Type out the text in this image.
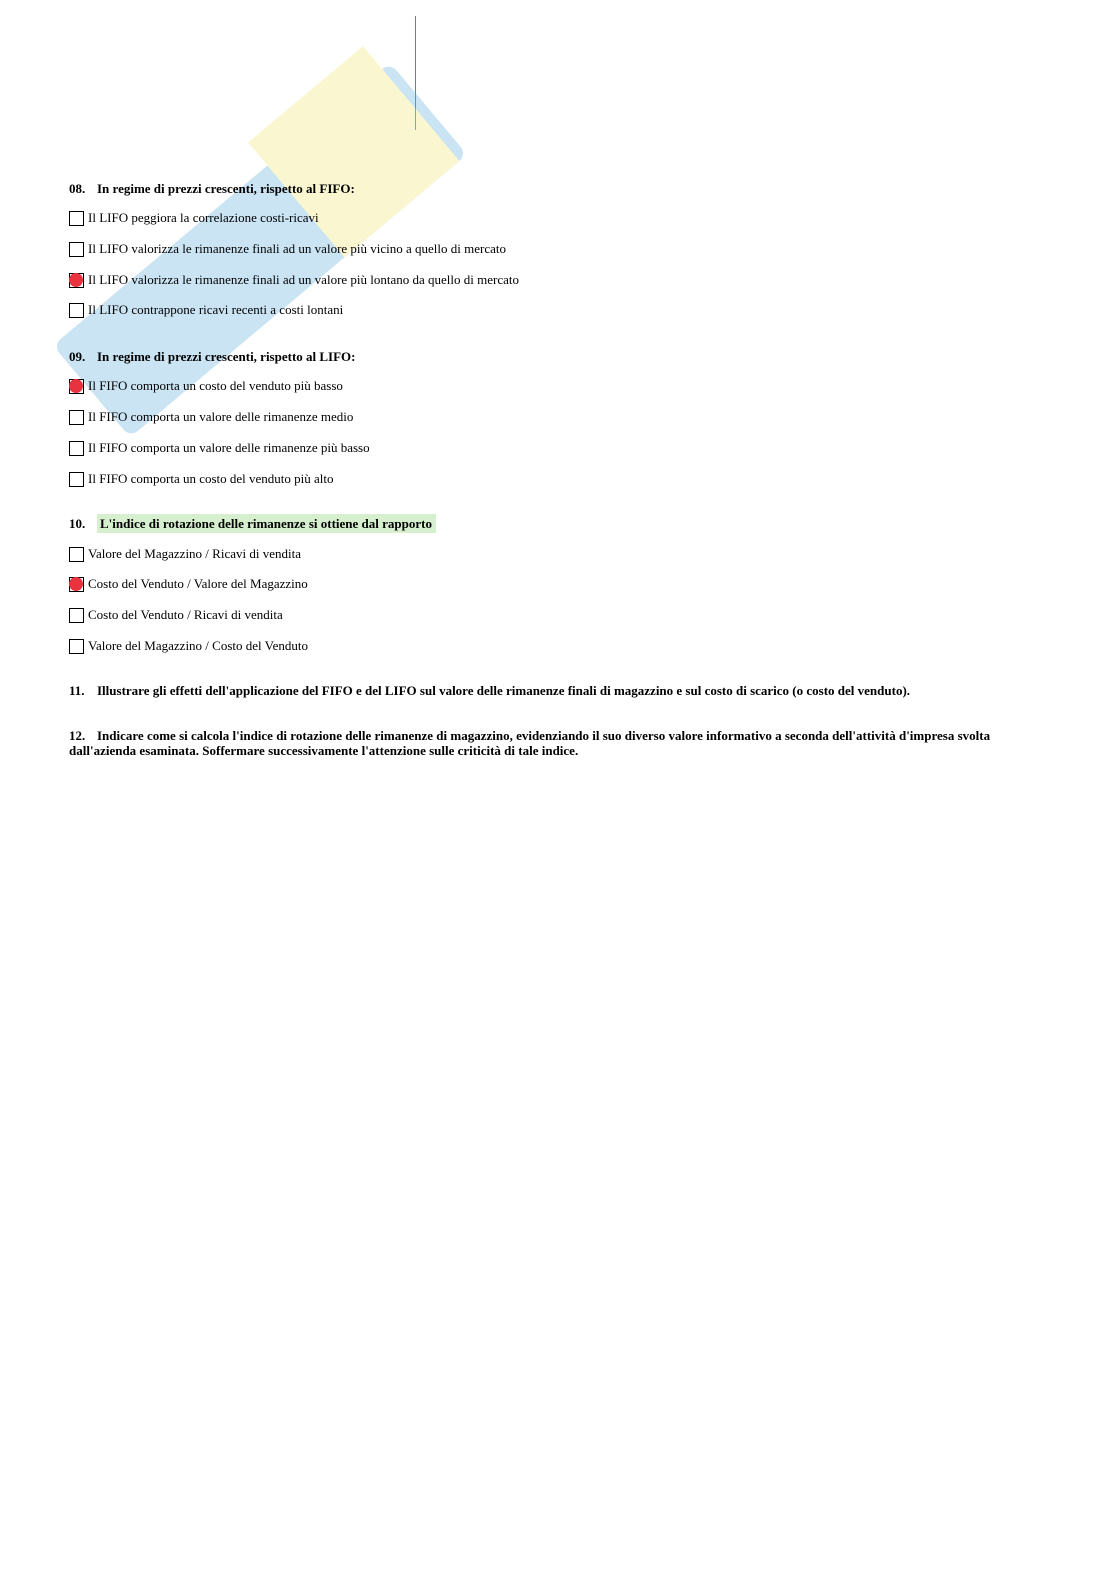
08. In regime di prezzi crescenti, rispetto al FIFO:
Il LIFO peggiora la correlazione costi-ricavi
Il LIFO valorizza le rimanenze finali ad un valore più vicino a quello di mercato
Il LIFO valorizza le rimanenze finali ad un valore più lontano da quello di mercato
Il LIFO contrappone ricavi recenti a costi lontani
09. In regime di prezzi crescenti, rispetto al LIFO:
Il FIFO comporta un costo del venduto più basso
Il FIFO comporta un valore delle rimanenze medio
Il FIFO comporta un valore delle rimanenze più basso
Il FIFO comporta un costo del venduto più alto
10. L'indice di rotazione delle rimanenze si ottiene dal rapporto
Valore del Magazzino / Ricavi di vendita
Costo del Venduto / Valore del Magazzino
Costo del Venduto / Ricavi di vendita
Valore del Magazzino / Costo del Venduto
11. Illustrare gli effetti dell'applicazione del FIFO e del LIFO sul valore delle rimanenze finali di magazzino e sul costo di scarico (o costo del venduto).
12. Indicare come si calcola l'indice di rotazione delle rimanenze di magazzino, evidenziando il suo diverso valore informativo a seconda dell'attività d'impresa svolta dall'azienda esaminata. Soffermare successivamente l'attenzione sulle criticità di tale indice.
